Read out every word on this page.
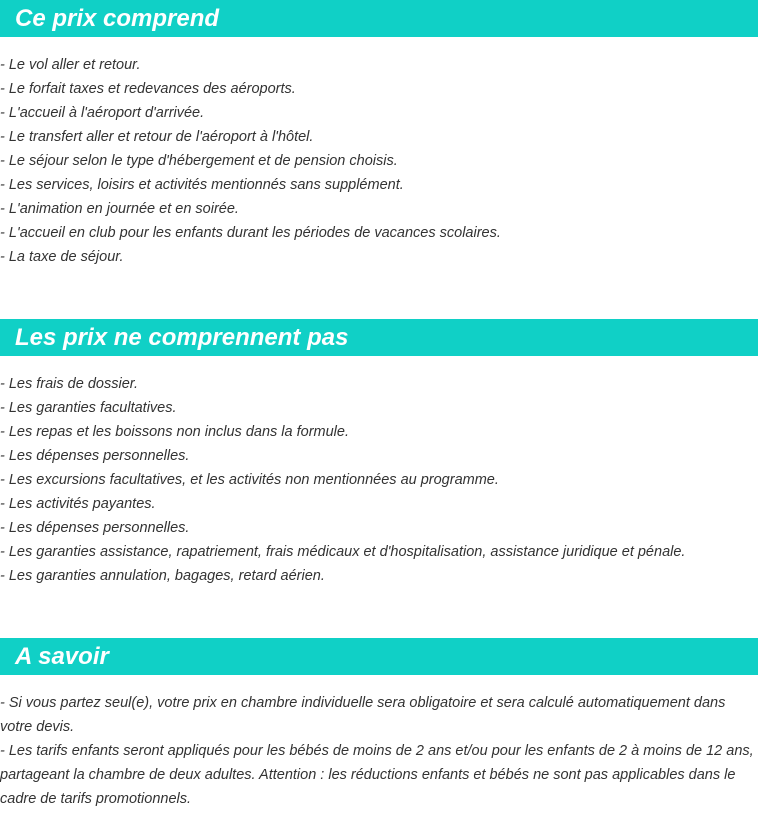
Ce prix comprend
- Le vol aller et retour.
- Le forfait taxes et redevances des aéroports.
- L'accueil à l'aéroport d'arrivée.
- Le transfert aller et retour de l'aéroport à l'hôtel.
- Le séjour selon le type d'hébergement et de pension choisis.
- Les services, loisirs et activités mentionnés sans supplément.
- L'animation en journée et en soirée.
- L'accueil en club pour les enfants durant les périodes de vacances scolaires.
- La taxe de séjour.
Les prix ne comprennent pas
- Les frais de dossier.
- Les garanties facultatives.
- Les repas et les boissons non inclus dans la formule.
- Les dépenses personnelles.
- Les excursions facultatives, et les activités non mentionnées au programme.
- Les activités payantes.
- Les dépenses personnelles.
- Les garanties assistance, rapatriement, frais médicaux et d'hospitalisation, assistance juridique et pénale.
- Les garanties annulation, bagages, retard aérien.
A savoir

- Si vous partez seul(e), votre prix en chambre individuelle sera obligatoire et sera calculé automatiquement dans votre devis.

- Les tarifs enfants seront appliqués pour les bébés de moins de 2 ans et/ou pour les enfants de 2 à moins de 12 ans, partageant la chambre de deux adultes. Attention : les réductions enfants et bébés ne sont pas applicables dans le cadre de tarifs promotionnels.
